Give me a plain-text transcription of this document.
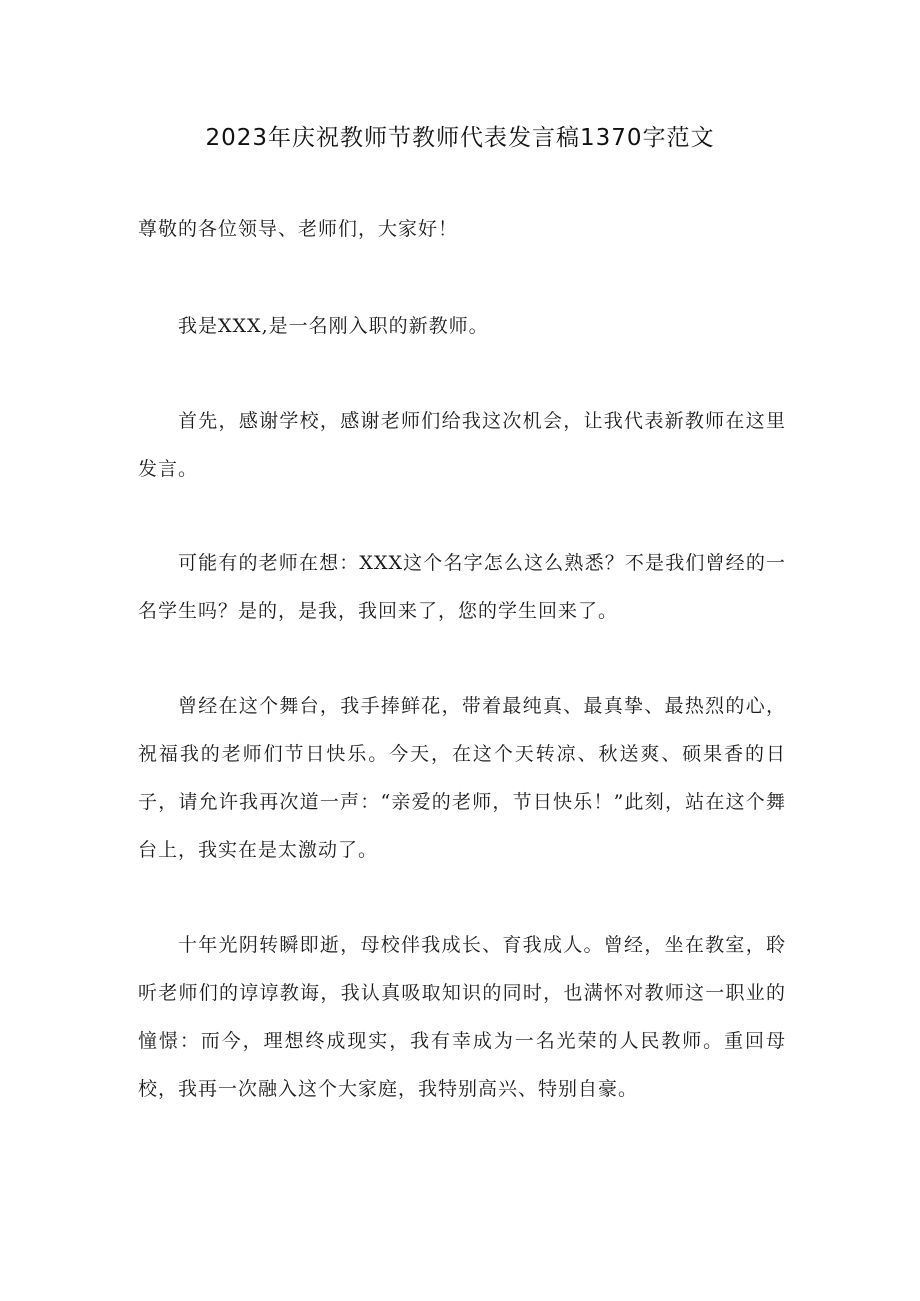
2023年庆祝教师节教师代表发言稿1370字范文

尊敬的各位领导、老师们，大家好！

我是XXX,是一名刚入职的新教师。

首先，感谢学校，感谢老师们给我这次机会，让我代表新教师在这里发言。

可能有的老师在想：XXX这个名字怎么这么熟悉？不是我们曾经的一名学生吗？是的，是我，我回来了，您的学生回来了。

曾经在这个舞台，我手捧鲜花，带着最纯真、最真挚、最热烈的心，祝福我的老师们节日快乐。今天，在这个天转凉、秋送爽、硕果香的日子，请允许我再次道一声：“亲爱的老师，节日快乐！”此刻，站在这个舞台上，我实在是太激动了。

十年光阴转瞬即逝，母校伴我成长、育我成人。曾经，坐在教室，聆听老师们的谆谆教诲，我认真吸取知识的同时，也满怀对教师这一职业的憧憬：而今，理想终成现实，我有幸成为一名光荣的人民教师。重回母校，我再一次融入这个大家庭，我特别高兴、特别自豪。
